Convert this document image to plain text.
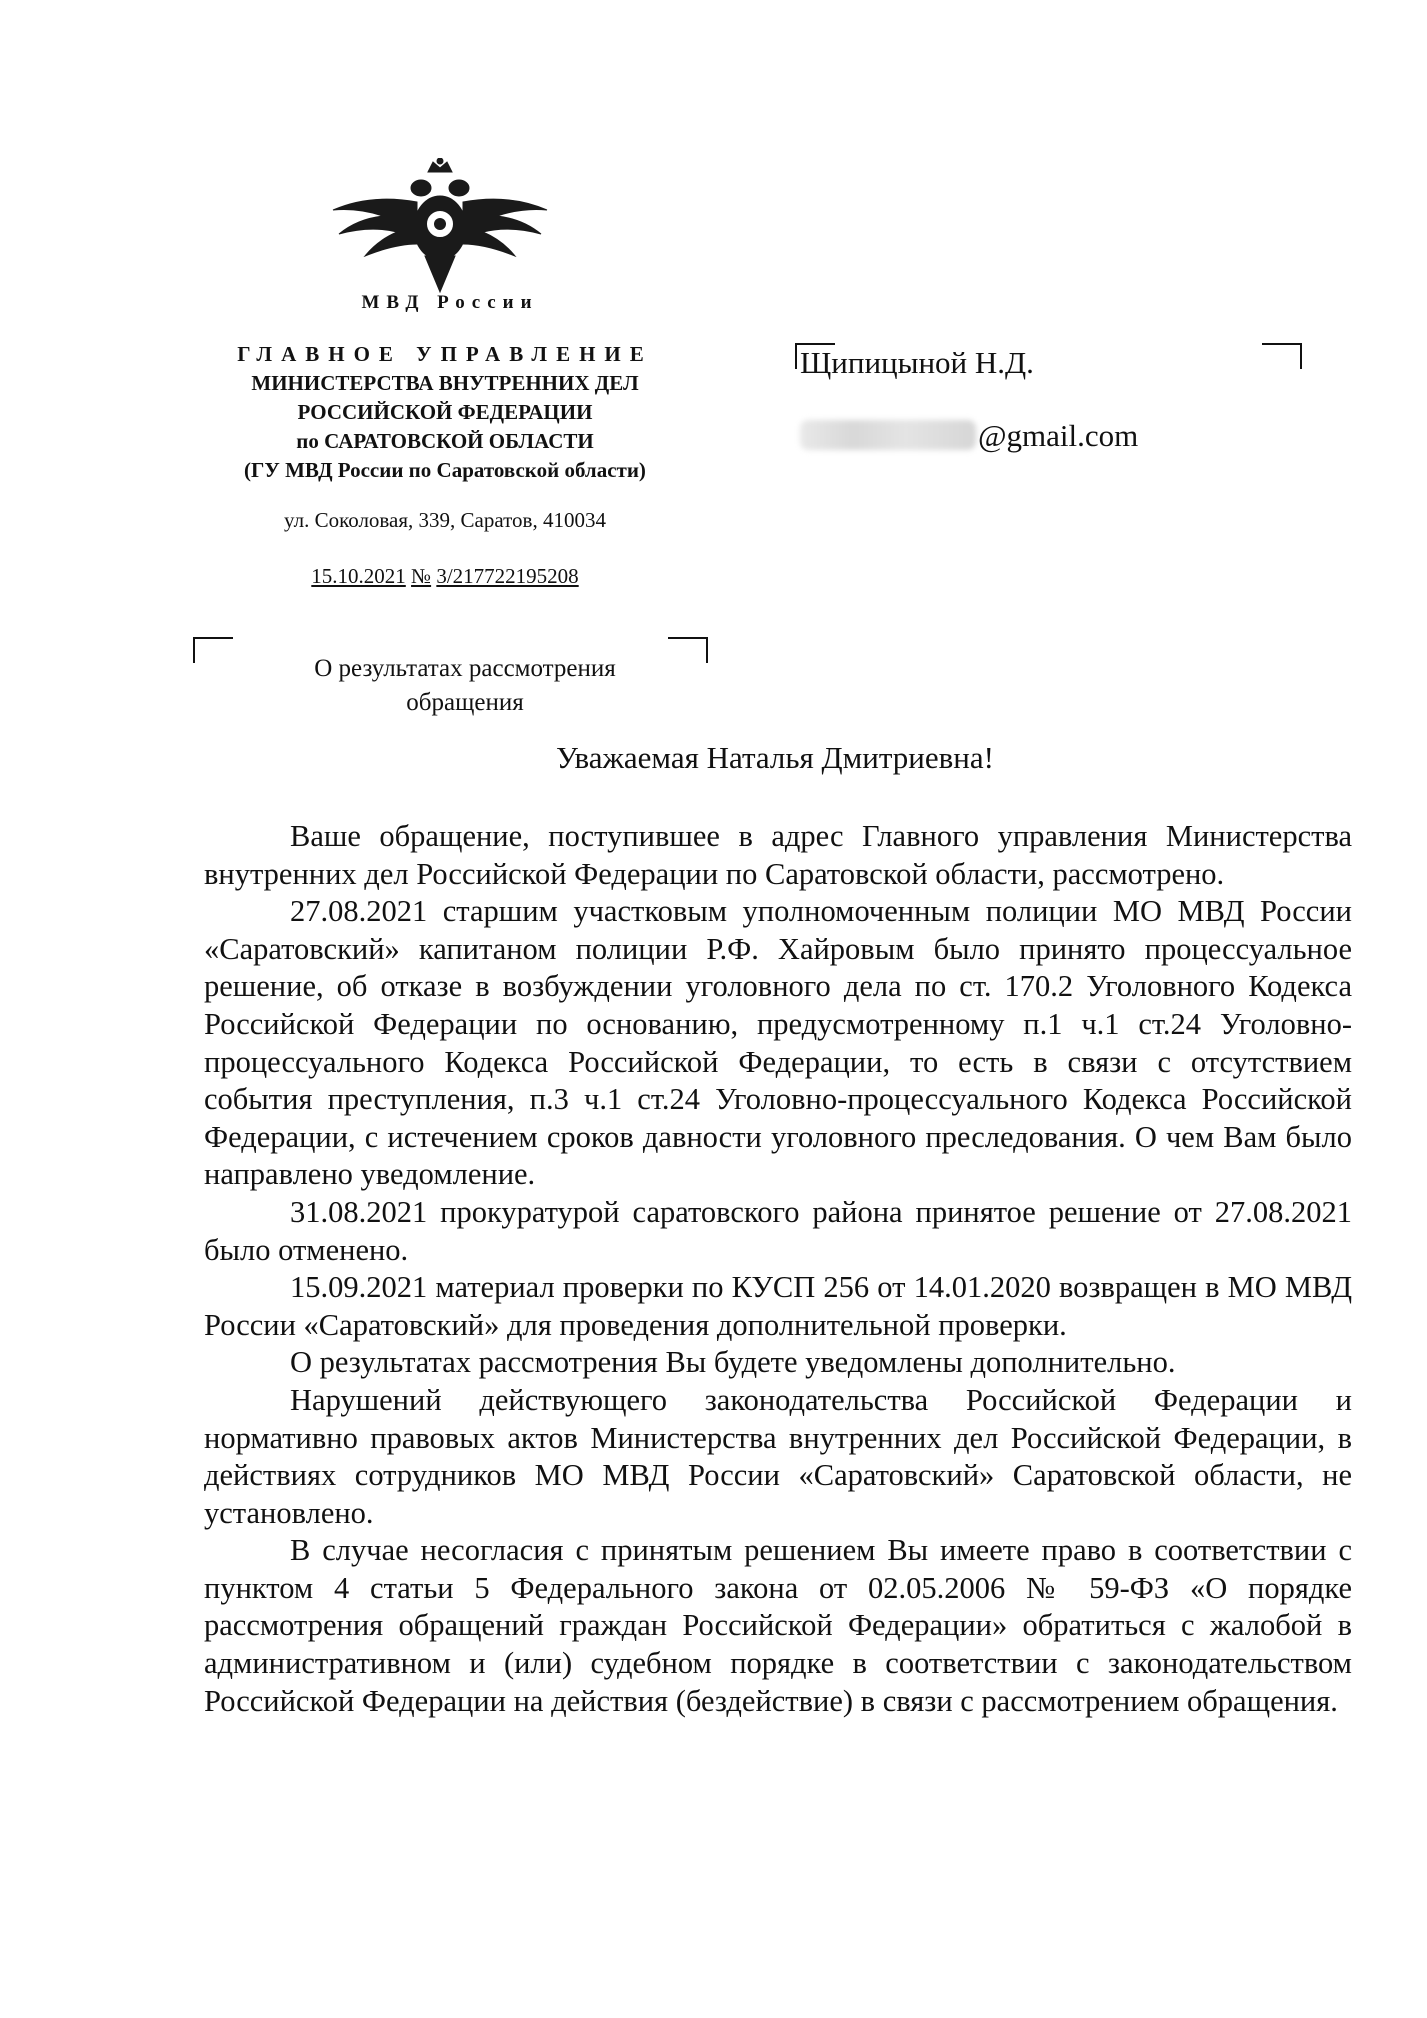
МВД России
ГЛАВНОЕ УПРАВЛЕНИЕ
МИНИСТЕРСТВА ВНУТРЕННИХ ДЕЛ
РОССИЙСКОЙ ФЕДЕРАЦИИ
по САРАТОВСКОЙ ОБЛАСТИ
(ГУ МВД России по Саратовской области)
ул. Соколовая, 339, Саратов, 410034
15.10.2021 № 3/217722195208
Щипицыной Н.Д.
@gmail.com
О результатах рассмотрения
обращения
Уважаемая Наталья Дмитриевна!

Ваше обращение, поступившее в адрес Главного управления Министерства внутренних дел Российской Федерации по Саратовской области, рассмотрено.

27.08.2021 старшим участковым уполномоченным полиции МО МВД России «Саратовский» капитаном полиции Р.Ф. Хайровым было принято процессуальное решение, об отказе в возбуждении уголовного дела по ст. 170.2 Уголовного Кодекса Российской Федерации по основанию, предусмотренному п.1 ч.1 ст.24 Уголовно-процессуального Кодекса Российской Федерации, то есть в связи с отсутствием события преступления, п.3 ч.1 ст.24 Уголовно-процессуального Кодекса Российской Федерации, с истечением сроков давности уголовного преследования. О чем Вам было направлено уведомление.

31.08.2021 прокуратурой саратовского района принятое решение от 27.08.2021 было отменено.

15.09.2021 материал проверки по КУСП 256 от 14.01.2020 возвращен в МО МВД России «Саратовский» для проведения дополнительной проверки.

О результатах рассмотрения Вы будете уведомлены дополнительно.

Нарушений действующего законодательства Российской Федерации и нормативно правовых актов Министерства внутренних дел Российской Федерации, в действиях сотрудников МО МВД России «Саратовский» Саратовской области, не установлено.

В случае несогласия с принятым решением Вы имеете право в соответствии с пунктом 4 статьи 5 Федерального закона от 02.05.2006 № 59-ФЗ «О порядке рассмотрения обращений граждан Российской Федерации» обратиться с жалобой в административном и (или) судебном порядке в соответствии с законодательством Российской Федерации на действия (бездействие) в связи с рассмотрением обращения.
